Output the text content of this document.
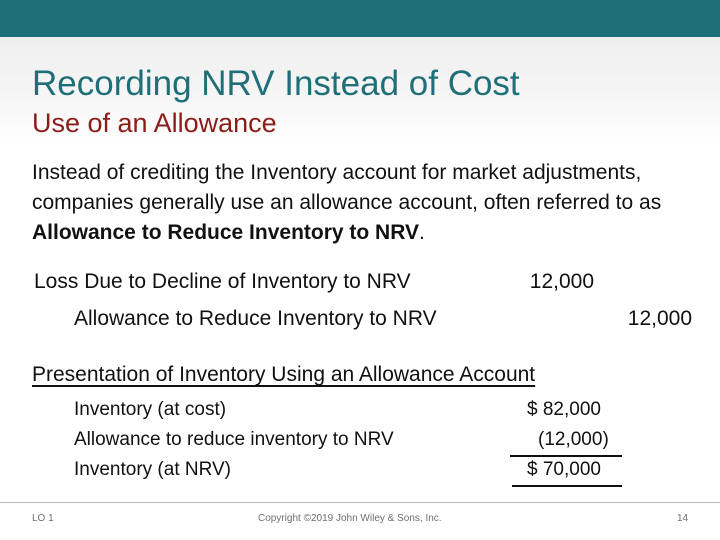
Recording NRV Instead of Cost
Use of an Allowance

Instead of crediting the Inventory account for market adjustments, companies generally use an allowance account, often referred to as Allowance to Reduce Inventory to NRV.

Loss Due to Decline of Inventory to NRV	12,000
Allowance to Reduce Inventory to NRV	12,000
Presentation of Inventory Using an Allowance Account
Inventory (at cost)	$ 82,000
Allowance to reduce inventory to NRV	(12,000)
Inventory (at NRV)	$ 70,000
LO 1	Copyright ©2019 John Wiley & Sons, Inc.	14
